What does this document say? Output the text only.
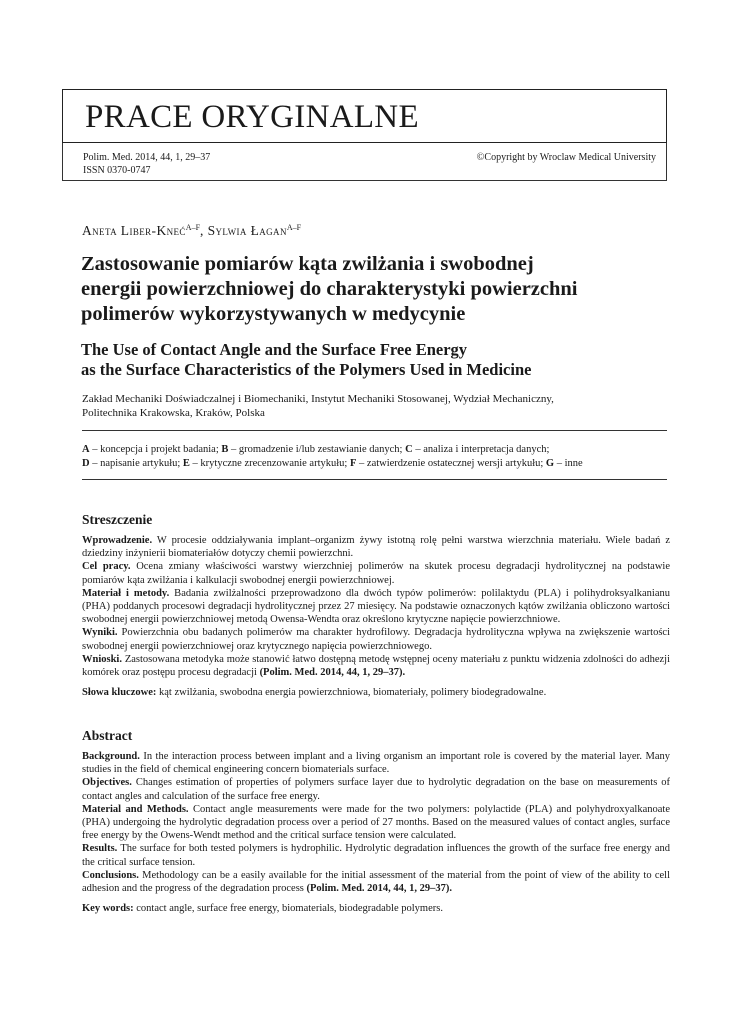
PRACE ORYGINALNE
Polim. Med. 2014, 44, 1, 29–37
ISSN 0370-0747
©Copyright by Wroclaw Medical University
Aneta Liber-Kneć$^{A-F}$, Sylwia Łagan$^{A-F}$
Zastosowanie pomiarów kąta zwilżania i swobodnej
energii powierzchniowej do charakterystyki powierzchni
polimerów wykorzystywanych w medycynie
The Use of Contact Angle and the Surface Free Energy
as the Surface Characteristics of the Polymers Used in Medicine
Zakład Mechaniki Doświadczalnej i Biomechaniki, Instytut Mechaniki Stosowanej, Wydział Mechaniczny,
Politechnika Krakowska, Kraków, Polska
A – koncepcja i projekt badania; B – gromadzenie i/lub zestawianie danych; C – analiza i interpretacja danych;
D – napisanie artykułu; E – krytyczne zrecenzowanie artykułu; F – zatwierdzenie ostatecznej wersji artykułu; G – inne
Streszczenie

Wprowadzenie. W procesie oddziaływania implant–organizm żywy istotną rolę pełni warstwa wierzchnia materiału. Wiele badań z dziedziny inżynierii biomateriałów dotyczy chemii powierzchni.

Cel pracy. Ocena zmiany właściwości warstwy wierzchniej polimerów na skutek procesu degradacji hydrolitycznej na podstawie pomiarów kąta zwilżania i kalkulacji swobodnej energii powierzchniowej.

Materiał i metody. Badania zwilżalności przeprowadzono dla dwóch typów polimerów: polilaktydu (PLA) i polihydroksyalkanianu (PHA) poddanych procesowi degradacji hydrolitycznej przez 27 miesięcy. Na podstawie oznaczonych kątów zwilżania obliczono wartości swobodnej energii powierzchniowej metodą Owensa-Wendta oraz określono krytyczne napięcie powierzchniowe.

Wyniki. Powierzchnia obu badanych polimerów ma charakter hydrofilowy. Degradacja hydrolityczna wpływa na zwiększenie wartości swobodnej energii powierzchniowej oraz krytycznego napięcia powierzchniowego.

Wnioski. Zastosowana metodyka może stanowić łatwo dostępną metodę wstępnej oceny materiału z punktu widzenia zdolności do adhezji komórek oraz postępu procesu degradacji (Polim. Med. 2014, 44, 1, 29–37).

Słowa kluczowe: kąt zwilżania, swobodna energia powierzchniowa, biomateriały, polimery biodegradowalne.

Abstract

Background. In the interaction process between implant and a living organism an important role is covered by the material layer. Many studies in the field of chemical engineering concern biomaterials surface.

Objectives. Changes estimation of properties of polymers surface layer due to hydrolytic degradation on the base on measurements of contact angles and calculation of the surface free energy.

Material and Methods. Contact angle measurements were made for the two polymers: polylactide (PLA) and polyhydroxyalkanoate (PHA) undergoing the hydrolytic degradation process over a period of 27 months. Based on the measured values of contact angles, surface free energy by the Owens-Wendt method and the critical surface tension were calculated.

Results. The surface for both tested polymers is hydrophilic. Hydrolytic degradation influences the growth of the surface free energy and the critical surface tension.

Conclusions. Methodology can be a easily available for the initial assessment of the material from the point of view of the ability to cell adhesion and the progress of the degradation process (Polim. Med. 2014, 44, 1, 29–37).

Key words: contact angle, surface free energy, biomaterials, biodegradable polymers.
